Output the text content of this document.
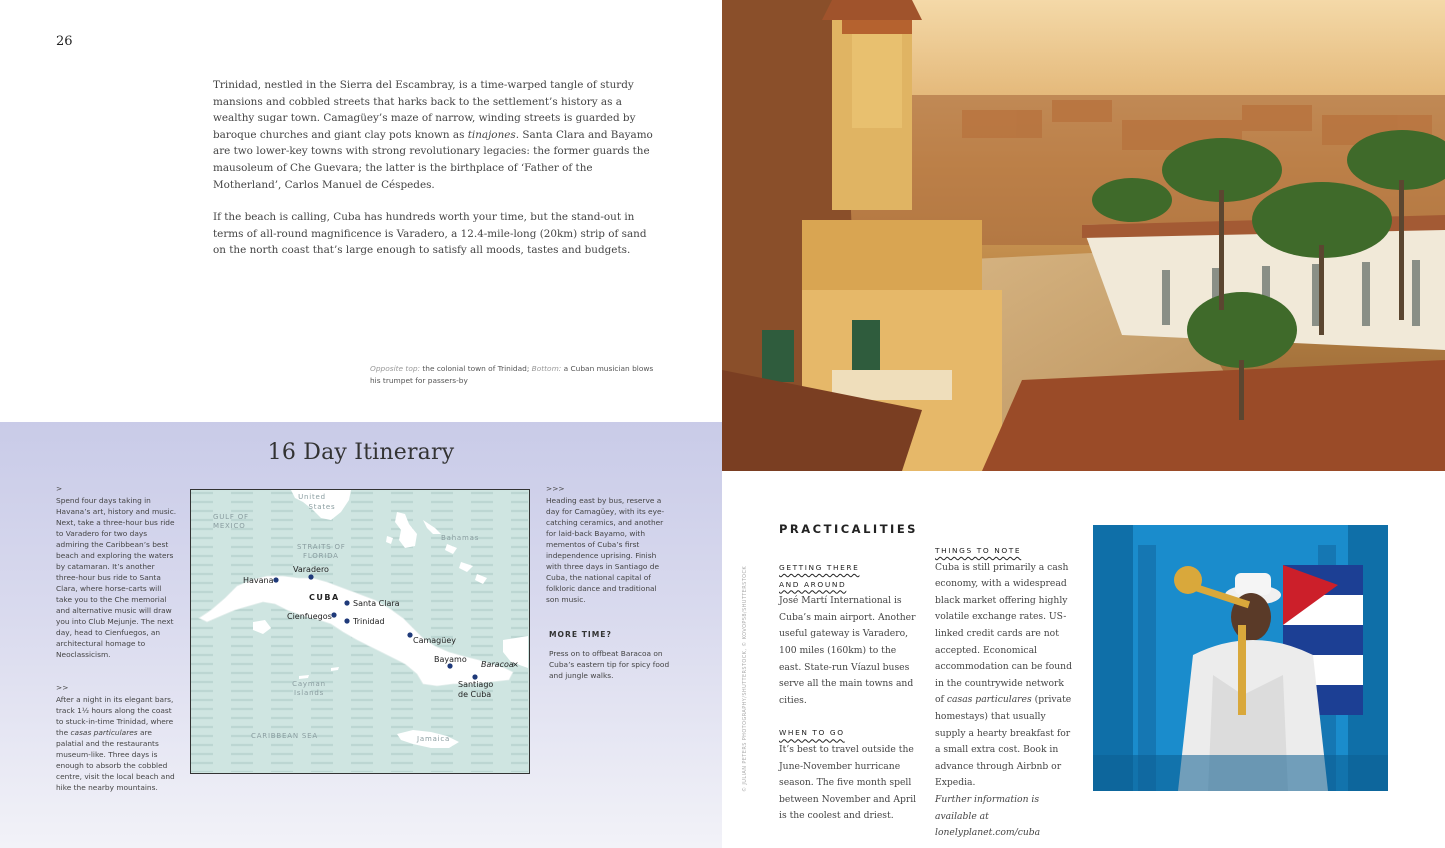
26

Trinidad, nestled in the Sierra del Escambray, is a time-warped tangle of sturdy mansions and cobbled streets that harks back to the settlement’s history as a wealthy sugar town. Camagüey’s maze of narrow, winding streets is guarded by baroque churches and giant clay pots known as tinajones. Santa Clara and Bayamo are two lower-key towns with strong revolutionary legacies: the former guards the mausoleum of Che Guevara; the latter is the birthplace of ‘Father of the Motherland’, Carlos Manuel de Céspedes.

If the beach is calling, Cuba has hundreds worth your time, but the stand-out in terms of all-round magnificence is Varadero, a 12.4-mile-long (20km) strip of sand on the north coast that’s large enough to satisfy all moods, tastes and budgets.

Opposite top: the colonial town of Trinidad; Bottom: a Cuban musician blows his trumpet for passers-by
16 Day Itinerary
>
Spend four days taking in Havana’s art, history and music. Next, take a three-hour bus ride to Varadero for two days admiring the Caribbean’s best beach and exploring the waters by catamaran. It’s another three-hour bus ride to Santa Clara, where horse-carts will take you to the Che memorial and alternative music will draw you into Club Mejunje. The next day, head to Cienfuegos, an architectural homage to Neoclassicism.
>>
After a night in its elegant bars, track 1½ hours along the coast to stuck-in-time Trinidad, where the casas particulares are palatial and the restaurants museum-like. Three days is enough to absorb the cobbled centre, visit the local beach and hike the nearby mountains.
>>>
Heading east by bus, reserve a day for Camagüey, with its eye-catching ceramics, and another for laid-back Bayamo, with mementos of Cuba’s first independence uprising. Finish with three days in Santiago de Cuba, the national capital of folkloric dance and traditional son music.
MORE TIME?
Press on to offbeat Baracoa on Cuba’s eastern tip for spicy food and jungle walks.
United
States
GULF OF
MEXICO
STRAITS OF
FLORIDA
Bahamas
CUBA
Cayman
Islands
CARIBBEAN SEA	Jamaica
×
Havana
Varadero
Santa Clara
Cienfuegos
Trinidad
Camagüey
Bayamo
Baracoa
Santiago
de Cuba
PRACTICALITIES
© JULIAN PETERS PHOTOGRAPHY/SHUTTERSTOCK, © KOVOP58/SHUTTERSTOCK	GETTING THERE
AND AROUND
José Martí International is Cuba’s main airport. Another useful gateway is Varadero, 100 miles (160km) to the east. State-run Víazul buses serve all the main towns and cities.
WHEN TO GO
It’s best to travel outside the June-November hurricane season. The five month spell between November and April is the coolest and driest.
THINGS TO NOTE
Cuba is still primarily a cash economy, with a widespread black market offering highly volatile exchange rates. US-linked credit cards are not accepted. Economical accommodation can be found in the countrywide network of casas particulares (private homestays) that usually supply a hearty breakfast for a small extra cost. Book in advance through Airbnb or Expedia.
Further information is available at lonelyplanet.com/cuba
